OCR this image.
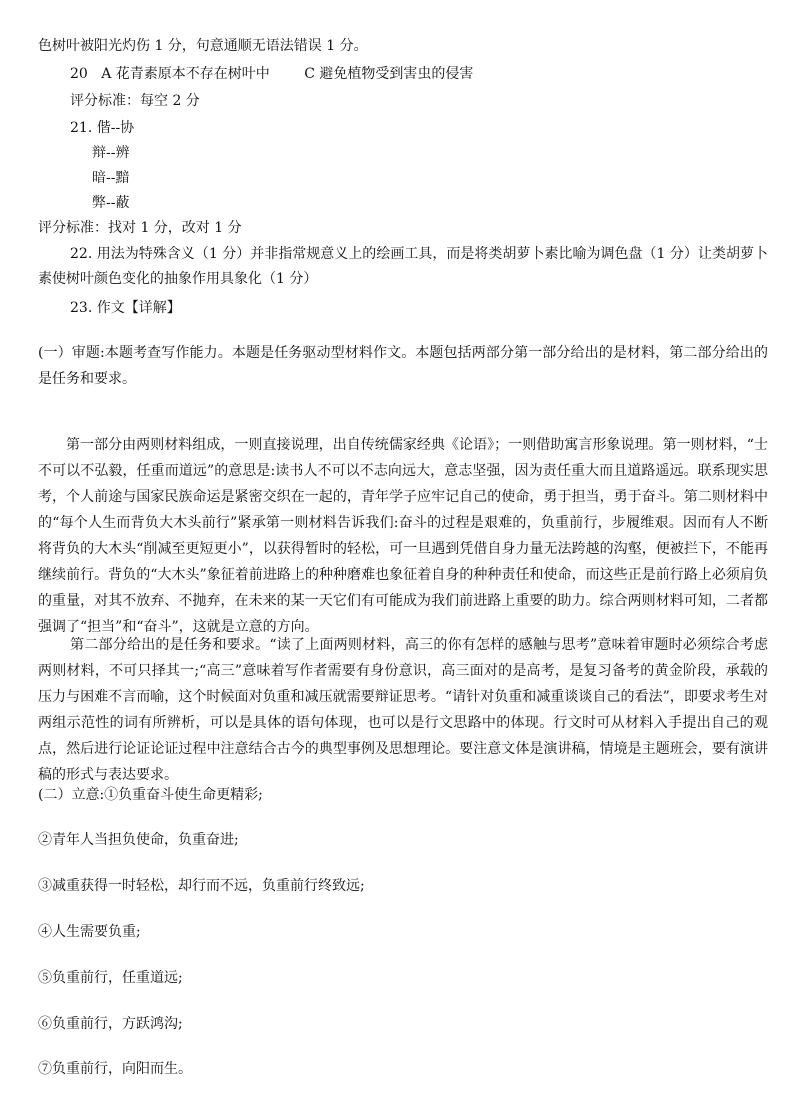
色树叶被阳光灼伤 1 分，句意通顺无语法错误 1 分。
20 A 花青素原本不存在树叶中 C 避免植物受到害虫的侵害
评分标准：每空 2 分
21. 偕--协
辩--辨
暗--黯
弊--蔽
评分标准：找对 1 分，改对 1 分
22. 用法为特殊含义（1 分）并非指常规意义上的绘画工具，而是将类胡萝卜素比喻为调色盘（1 分）让类胡萝卜素使树叶颜色变化的抽象作用具象化（1 分）
23. 作文【详解】
(一）审题:本题考查写作能力。本题是任务驱动型材料作文。本题包括两部分第一部分给出的是材料，第二部分给出的是任务和要求。
第一部分由两则材料组成，一则直接说理，出自传统儒家经典《论语》；一则借助寓言形象说理。第一则材料，“士不可以不弘毅，任重而道远”的意思是:读书人不可以不志向远大，意志坚强，因为责任重大而且道路遥远。联系现实思考，个人前途与国家民族命运是紧密交织在一起的，青年学子应牢记自己的使命，勇于担当，勇于奋斗。第二则材料中的“每个人生而背负大木头前行”紧承第一则材料告诉我们:奋斗的过程是艰难的，负重前行，步履维艰。因而有人不断将背负的大木头“削减至更短更小”，以获得暂时的轻松，可一旦遇到凭借自身力量无法跨越的沟壑，便被拦下，不能再继续前行。背负的“大木头”象征着前进路上的种种磨难也象征着自身的种种责任和使命，而这些正是前行路上必须肩负的重量，对其不放弃、不抛弃，在未来的某一天它们有可能成为我们前进路上重要的助力。综合两则材料可知，二者都强调了“担当”和“奋斗”，这就是立意的方向。
第二部分给出的是任务和要求。“读了上面两则材料，高三的你有怎样的感触与思考”意味着审题时必须综合考虑两则材料，不可只择其一;“高三”意味着写作者需要有身份意识，高三面对的是高考，是复习备考的黄金阶段，承载的压力与困难不言而喻，这个时候面对负重和减压就需要辩证思考。“请针对负重和减重谈谈自己的看法”，即要求考生对两组示范性的词有所辨析，可以是具体的语句体现，也可以是行文思路中的体现。行文时可从材料入手提出自己的观点，然后进行论证论证过程中注意结合古今的典型事例及思想理论。要注意文体是演讲稿，情境是主题班会，要有演讲稿的形式与表达要求。
(二）立意:①负重奋斗使生命更精彩;
②青年人当担负使命，负重奋进;
③减重获得一时轻松，却行而不远，负重前行终致远;
④人生需要负重;
⑤负重前行，任重道远;
⑥负重前行，方跃鸿沟;
⑦负重前行，向阳而生。
